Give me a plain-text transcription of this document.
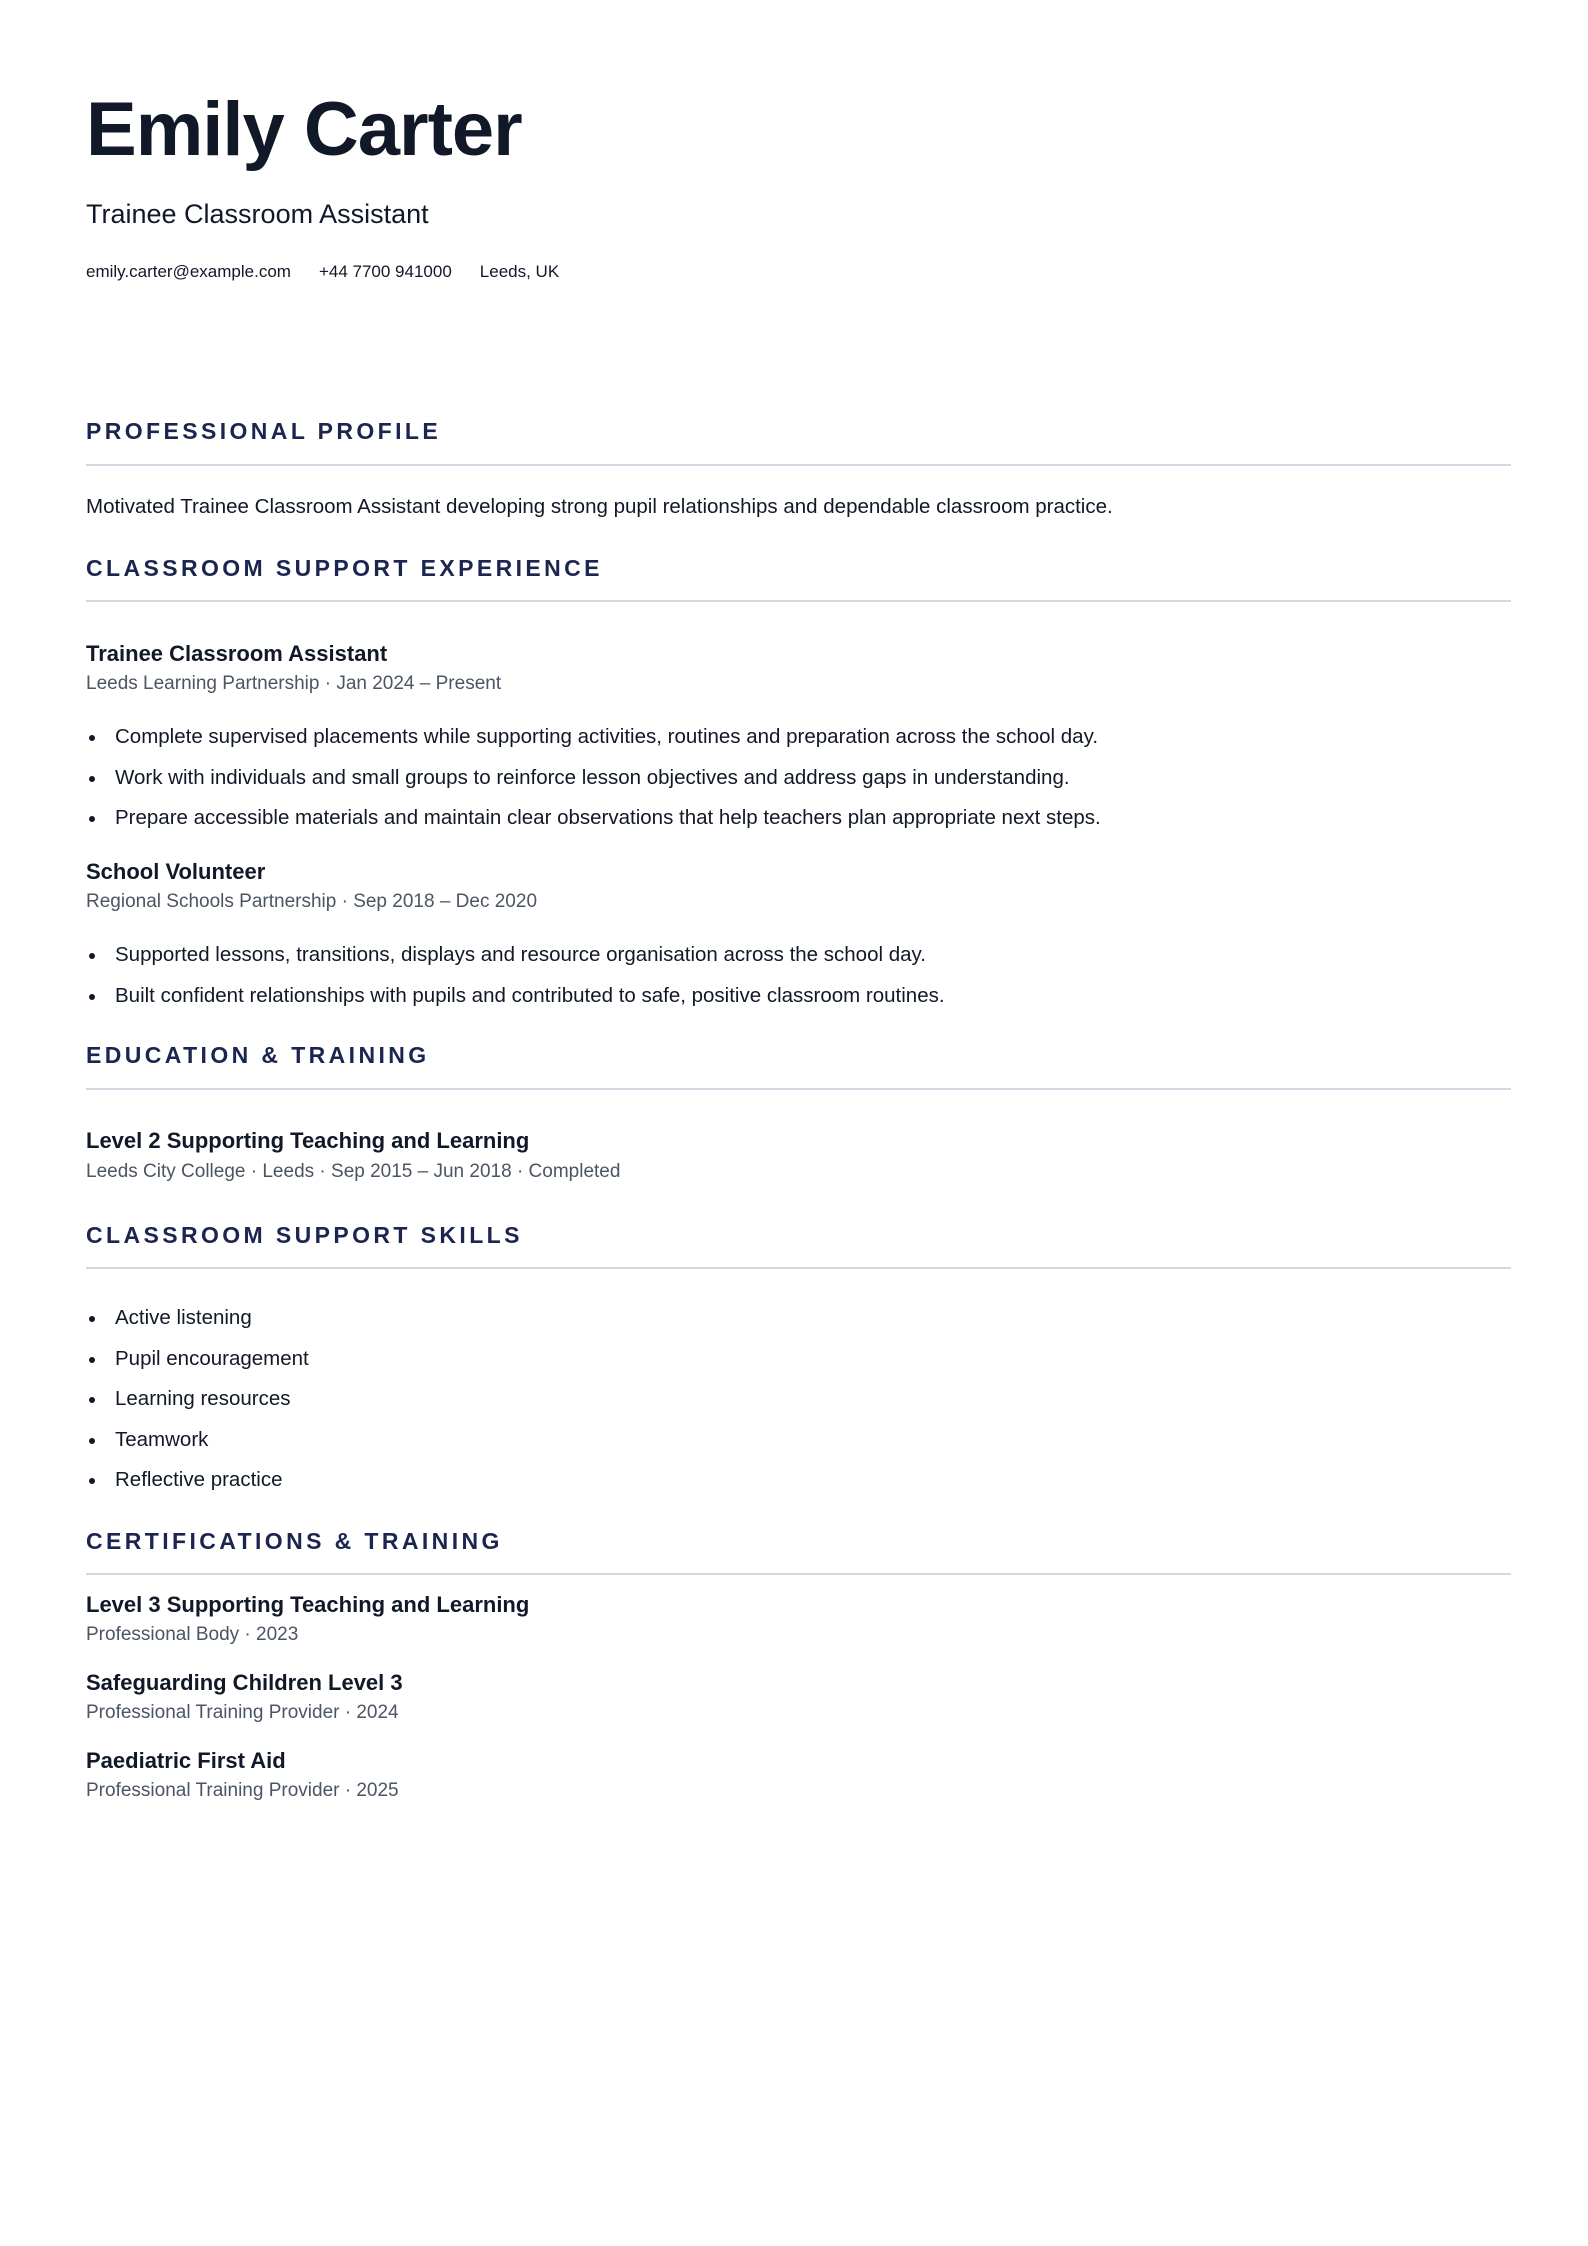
Emily Carter
Trainee Classroom Assistant
emily.carter@example.com +44 7700 941000 Leeds, UK
PROFESSIONAL PROFILE
Motivated Trainee Classroom Assistant developing strong pupil relationships and dependable classroom practice.
CLASSROOM SUPPORT EXPERIENCE
Trainee Classroom Assistant
Leeds Learning Partnership · Jan 2024 – Present
Complete supervised placements while supporting activities, routines and preparation across the school day.
Work with individuals and small groups to reinforce lesson objectives and address gaps in understanding.
Prepare accessible materials and maintain clear observations that help teachers plan appropriate next steps.
School Volunteer
Regional Schools Partnership · Sep 2018 – Dec 2020
Supported lessons, transitions, displays and resource organisation across the school day.
Built confident relationships with pupils and contributed to safe, positive classroom routines.
EDUCATION & TRAINING
Level 2 Supporting Teaching and Learning
Leeds City College · Leeds · Sep 2015 – Jun 2018 · Completed
CLASSROOM SUPPORT SKILLS
Active listening
Pupil encouragement
Learning resources
Teamwork
Reflective practice
CERTIFICATIONS & TRAINING
Level 3 Supporting Teaching and Learning
Professional Body · 2023
Safeguarding Children Level 3
Professional Training Provider · 2024
Paediatric First Aid
Professional Training Provider · 2025
